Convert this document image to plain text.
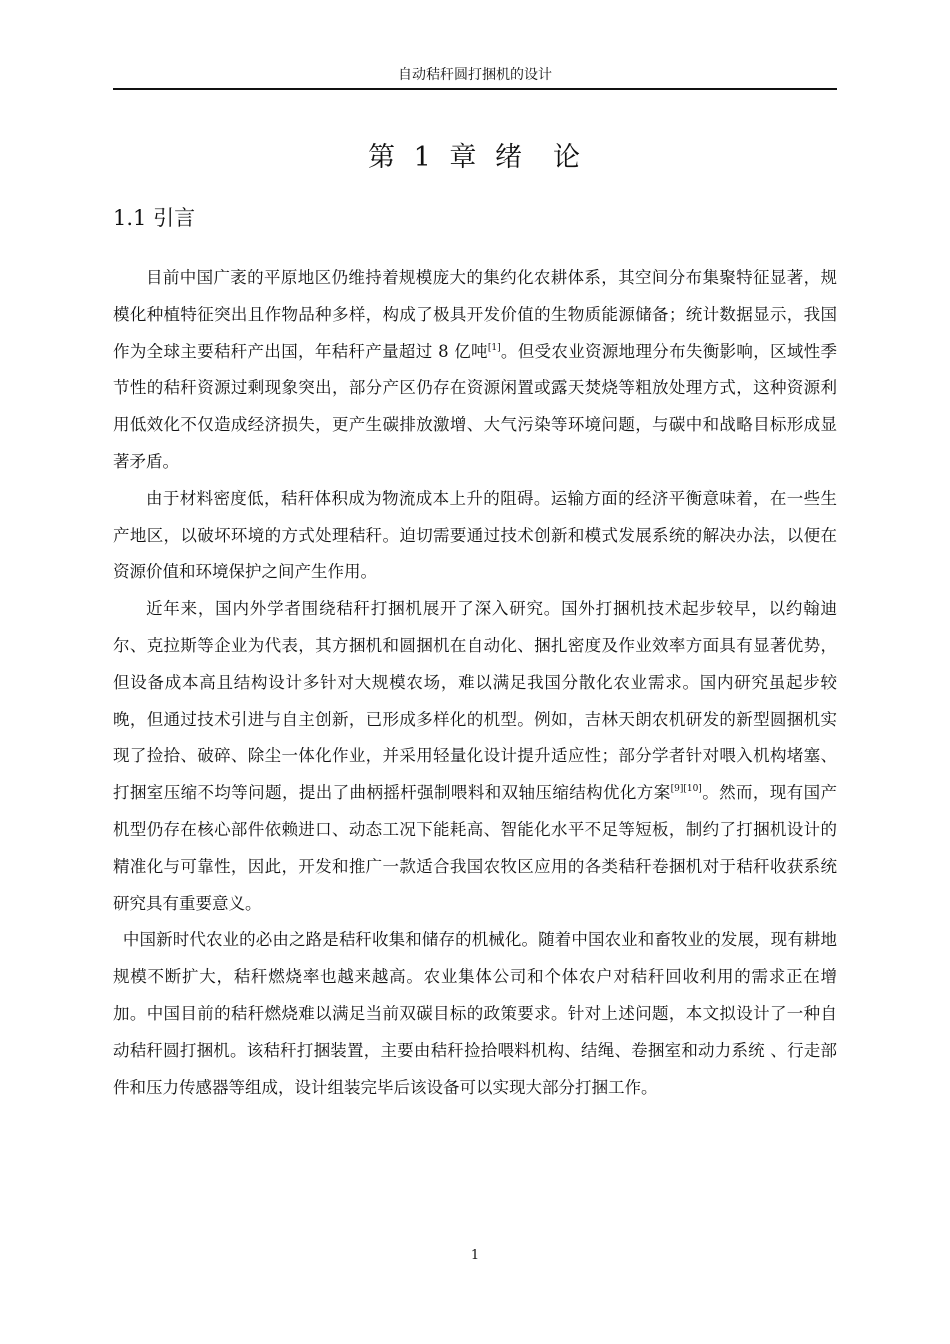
自动秸秆圆打捆机的设计
第 1 章 绪　论
1.1 引言

目前中国广袤的平原地区仍维持着规模庞大的集约化农耕体系，其空间分布集聚特征显著，规模化种植特征突出且作物品种多样，构成了极具开发价值的生物质能源储备；统计数据显示，我国作为全球主要秸秆产出国，年秸秆产量超过 8 亿吨[1]。但受农业资源地理分布失衡影响，区域性季节性的秸秆资源过剩现象突出，部分产区仍存在资源闲置或露天焚烧等粗放处理方式，这种资源利用低效化不仅造成经济损失，更产生碳排放激增、大气污染等环境问题，与碳中和战略目标形成显著矛盾。

由于材料密度低，秸秆体积成为物流成本上升的阻碍。运输方面的经济平衡意味着，在一些生产地区，以破坏环境的方式处理秸秆。迫切需要通过技术创新和模式发展系统的解决办法，以便在资源价值和环境保护之间产生作用。

近年来，国内外学者围绕秸秆打捆机展开了深入研究。国外打捆机技术起步较早，以约翰迪尔、克拉斯等企业为代表，其方捆机和圆捆机在自动化、捆扎密度及作业效率方面具有显著优势，但设备成本高且结构设计多针对大规模农场，难以满足我国分散化农业需求。国内研究虽起步较晚，但通过技术引进与自主创新，已形成多样化的机型。例如，吉林天朗农机研发的新型圆捆机实现了捡拾、破碎、除尘一体化作业，并采用轻量化设计提升适应性；部分学者针对喂入机构堵塞、打捆室压缩不均等问题，提出了曲柄摇杆强制喂料和双轴压缩结构优化方案[9][10]。然而，现有国产机型仍存在核心部件依赖进口、动态工况下能耗高、智能化水平不足等短板，制约了打捆机设计的精准化与可靠性，因此，开发和推广一款适合我国农牧区应用的各类秸秆卷捆机对于秸秆收获系统研究具有重要意义。

中国新时代农业的必由之路是秸秆收集和储存的机械化。随着中国农业和畜牧业的发展，现有耕地规模不断扩大，秸秆燃烧率也越来越高。农业集体公司和个体农户对秸秆回收利用的需求正在增加。中国目前的秸秆燃烧难以满足当前双碳目标的政策要求。针对上述问题，本文拟设计了一种自动秸秆圆打捆机。该秸秆打捆装置，主要由秸秆捡拾喂料机构、结绳、卷捆室和动力系统 、行走部件和压力传感器等组成，设计组装完毕后该设备可以实现大部分打捆工作。

1
